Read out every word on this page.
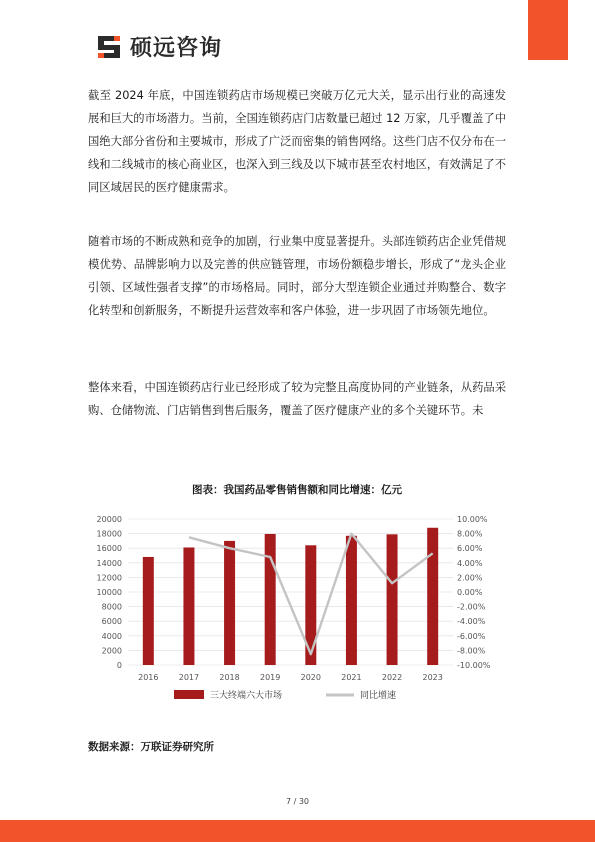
硕远咨询

截至 2024 年底，中国连锁药店市场规模已突破万亿元大关，显示出行业的高速发展和巨大的市场潜力。当前，全国连锁药店门店数量已超过 12 万家，几乎覆盖了中国绝大部分省份和主要城市，形成了广泛而密集的销售网络。这些门店不仅分布在一线和二线城市的核心商业区，也深入到三线及以下城市甚至农村地区，有效满足了不同区域居民的医疗健康需求。

随着市场的不断成熟和竞争的加剧，行业集中度显著提升。头部连锁药店企业凭借规模优势、品牌影响力以及完善的供应链管理，市场份额稳步增长，形成了“龙头企业引领、区域性强者支撑”的市场格局。同时，部分大型连锁企业通过并购整合、数字化转型和创新服务，不断提升运营效率和客户体验，进一步巩固了市场领先地位。

整体来看，中国连锁药店行业已经形成了较为完整且高度协同的产业链条，从药品采购、仓储物流、门店销售到售后服务，覆盖了医疗健康产业的多个关键环节。未

图表：我国药品零售销售额和同比增速：亿元
0
2000
4000
6000
8000
10000
12000
14000
16000
18000
20000
-10.00%
-8.00%
-6.00%
-4.00%
-2.00%
0.00%
2.00%
4.00%
6.00%
8.00%
10.00%
2016	2017	2018	2019	2020	2021	2022	2023
三大终端六大市场	同比增速
数据来源：万联证券研究所
7 / 30
